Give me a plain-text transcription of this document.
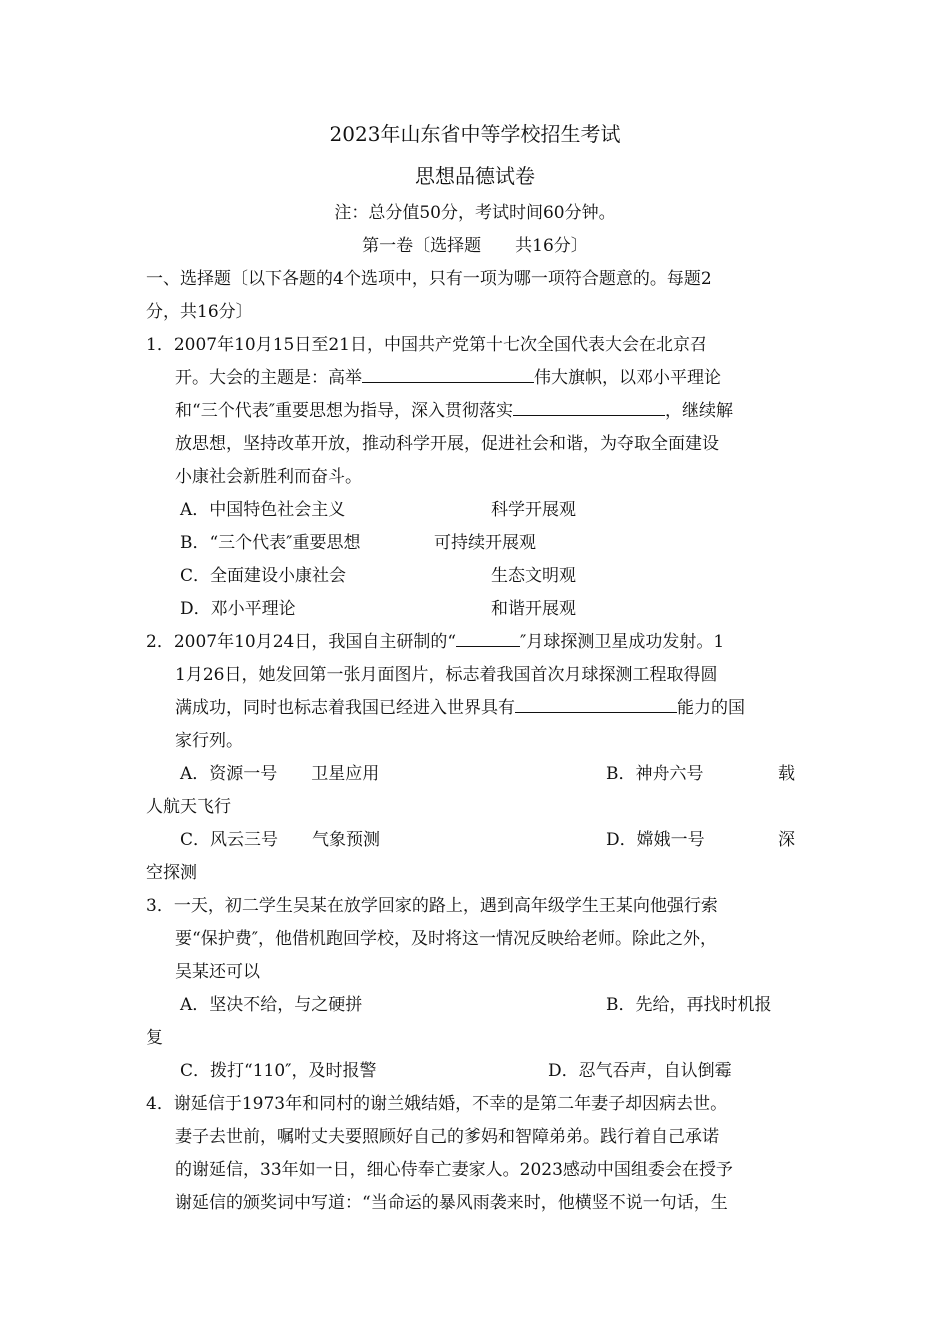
2023年山东省中等学校招生考试
思想品德试卷
注：总分值50分，考试时间60分钟。
第一卷〔选择题　　共16分〕
一、选择题〔以下各题的4个选项中，只有一项为哪一项符合题意的。每题2
分，共16分〕
1．2007年10月15日至21日，中国共产党第十七次全国代表大会在北京召
开。大会的主题是：高举	伟大旗帜，以邓小平理论
和“三个代表″重要思想为指导，深入贯彻落实	，继续解
放思想，坚持改革开放，推动科学开展，促进社会和谐，为夺取全面建设
小康社会新胜利而奋斗。
A．中国特色社会主义	科学开展观
B．“三个代表″重要思想	可持续开展观
C．全面建设小康社会	生态文明观
D．邓小平理论	和谐开展观
2．2007年10月24日，我国自主研制的“	″月球探测卫星成功发射。1
1月26日，她发回第一张月面图片，标志着我国首次月球探测工程取得圆
满成功，同时也标志着我国已经进入世界具有	能力的国
家行列。
A．资源一号　　卫星应用	B．神舟六号	载
人航天飞行
C．风云三号　　气象预测	D．嫦娥一号	深
空探测
3．一天，初二学生吴某在放学回家的路上，遇到高年级学生王某向他强行索
要“保护费″，他借机跑回学校，及时将这一情况反映给老师。除此之外，
吴某还可以
A．坚决不给，与之硬拼	B．先给，再找时机报
复
C．拨打“110″，及时报警	D．忍气吞声，自认倒霉
4．谢延信于1973年和同村的谢兰娥结婚，不幸的是第二年妻子却因病去世。
妻子去世前，嘱咐丈夫要照顾好自己的爹妈和智障弟弟。践行着自己承诺
的谢延信，33年如一日，细心侍奉亡妻家人。2023感动中国组委会在授予
谢延信的颁奖词中写道：“当命运的暴风雨袭来时，他横竖不说一句话，生
